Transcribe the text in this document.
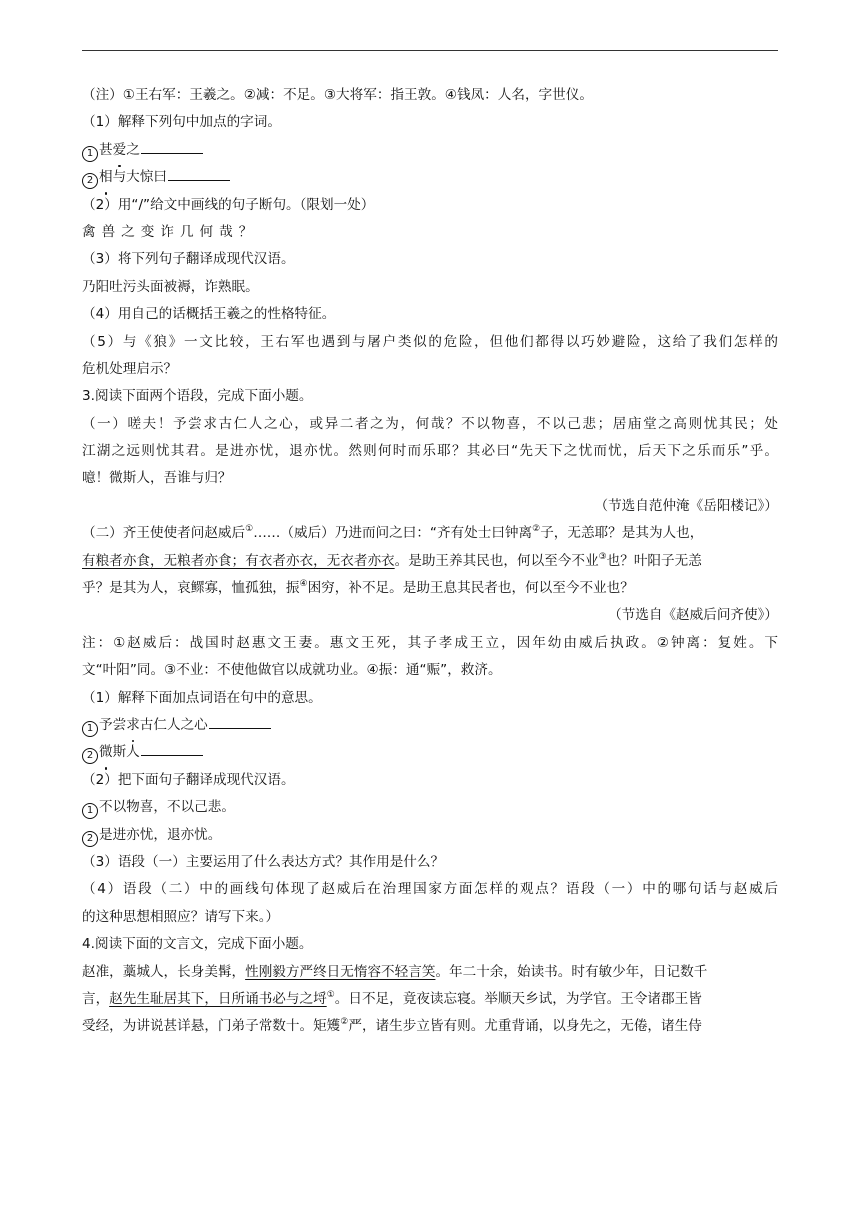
（注）①王右军：王羲之。②减：不足。③大将军：指王敦。④钱凤：人名，字世仪。
（1）解释下列句中加点的字词。
1 甚爱之
2 相与大惊曰
（2）用“/”给文中画线的句子断句。（限划一处）
禽兽之变诈几何哉？
（3）将下列句子翻译成现代汉语。
乃阳吐污头面被褥，诈熟眠。
（4）用自己的话概括王羲之的性格特征。
（5）与《狼》一文比较，王右军也遇到与屠户类似的危险，但他们都得以巧妙避险，这给了我们怎样的
危机处理启示？
3.阅读下面两个语段，完成下面小题。
（一）嗟夫！予尝求古仁人之心，或异二者之为，何哉？不以物喜，不以己悲；居庙堂之高则忧其民；处
江湖之远则忧其君。是进亦忧，退亦忧。然则何时而乐耶？其必曰“先天下之忧而忧，后天下之乐而乐”乎。
噫！微斯人，吾谁与归？
（节选自范仲淹《岳阳楼记》）
（二）齐王使使者问赵威后①……（威后）乃进而问之曰：“齐有处士曰钟离②子，无恙耶？是其为人也，
有粮者亦食，无粮者亦食；有衣者亦衣，无衣者亦衣。是助王养其民也，何以至今不业③也？叶阳子无恙
乎？是其为人，哀鳏寡，恤孤独，振④困穷，补不足。是助王息其民者也，何以至今不业也？
（节选自《赵威后问齐使》）
注：①赵威后：战国时赵惠文王妻。惠文王死，其子孝成王立，因年幼由威后执政。②钟离：复姓。下
文“叶阳”同。③不业：不使他做官以成就功业。④振：通“赈”，救济。
（1）解释下面加点词语在句中的意思。
1 予尝求古仁人之心
2 微斯人
（2）把下面句子翻译成现代汉语。
1 不以物喜，不以己悲。
2 是进亦忧，退亦忧。
（3）语段（一）主要运用了什么表达方式？其作用是什么？
（4）语段（二）中的画线句体现了赵威后在治理国家方面怎样的观点？语段（一）中的哪句话与赵威后
的这种思想相照应？请写下来。）
4.阅读下面的文言文，完成下面小题。
赵准，藁城人，长身美髯，性刚毅方严终日无惰容不轻言笑。年二十余，始读书。时有敏少年，日记数千
言，赵先生耻居其下，日所诵书必与之埒①。日不足，竟夜读忘寝。举顺天乡试，为学官。王令诸郡王皆
受经，为讲说甚详悬，门弟子常数十。矩矱②严，诸生步立皆有则。尤重背诵，以身先之，无倦，诸生侍
